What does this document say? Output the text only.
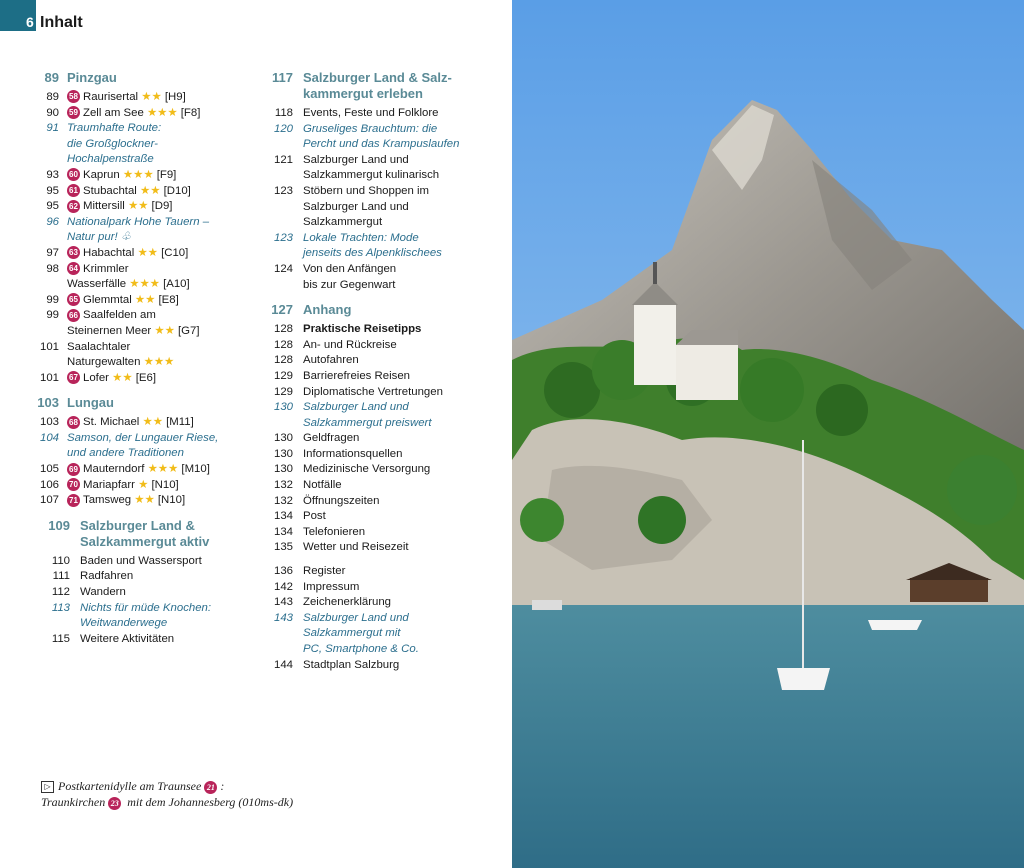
6 Inhalt
89 Pinzgau
89	58 Raurisertal ★★ [H9]
90	59 Zell am See ★★★ [F8]
91 Traumhafte Route:
die Großglockner-
Hochalpenstraße
93	60 Kaprun ★★★ [F9]
95	61 Stubachtal ★★ [D10]
95	62 Mittersill ★★ [D9]
96 Nationalpark Hohe Tauern –
Natur pur! ♧
97	63 Habachtal ★★ [C10]
98	64 Krimmler
Wasserfälle ★★★ [A10]
99	65 Glemmtal ★★ [E8]
99	66 Saalfelden am
Steinernen Meer ★★ [G7]
101 Saalachtaler
Naturgewalten ★★★
101	67 Lofer ★★ [E6]
103 Lungau
103	68 St. Michael ★★ [M11]
104 Samson, der Lungauer Riese,
und andere Traditionen
105	69 Mauterndorf ★★★ [M10]
106	70 Mariapfarr ★ [N10]
107	71 Tamsweg ★★ [N10]
109 Salzburger Land &
Salzkammergut aktiv
110 Baden und Wassersport
111 Radfahren
112 Wandern
113 Nichts für müde Knochen:
Weitwanderwege
115 Weitere Aktivitäten
117 Salzburger Land & Salz-
kammergut erleben
118 Events, Feste und Folklore
120 Gruseliges Brauchtum: die
Percht und das Krampuslaufen
121 Salzburger Land und
Salzkammergut kulinarisch
123 Stöbern und Shoppen im
Salzburger Land und
Salzkammergut
123 Lokale Trachten: Mode
jenseits des Alpenklischees
124 Von den Anfängen
bis zur Gegenwart
127 Anhang
128 Praktische Reisetipps
128 An- und Rückreise
128 Autofahren
129 Barrierefreies Reisen
129 Diplomatische Vertretungen
130 Salzburger Land und
Salzkammergut preiswert
130 Geldfragen
130 Informationsquellen
130 Medizinische Versorgung
132 Notfälle
132 Öffnungszeiten
134 Post
134 Telefonieren
135 Wetter und Reisezeit
136 Register
142 Impressum
143 Zeichenerklärung
143 Salzburger Land und
Salzkammergut mit
PC, Smartphone & Co.
144 Stadtplan Salzburg
▷ Postkartenidylle am Traunsee 21 :
Traunkirchen 23 mit dem Johannesberg (010ms-dk)
